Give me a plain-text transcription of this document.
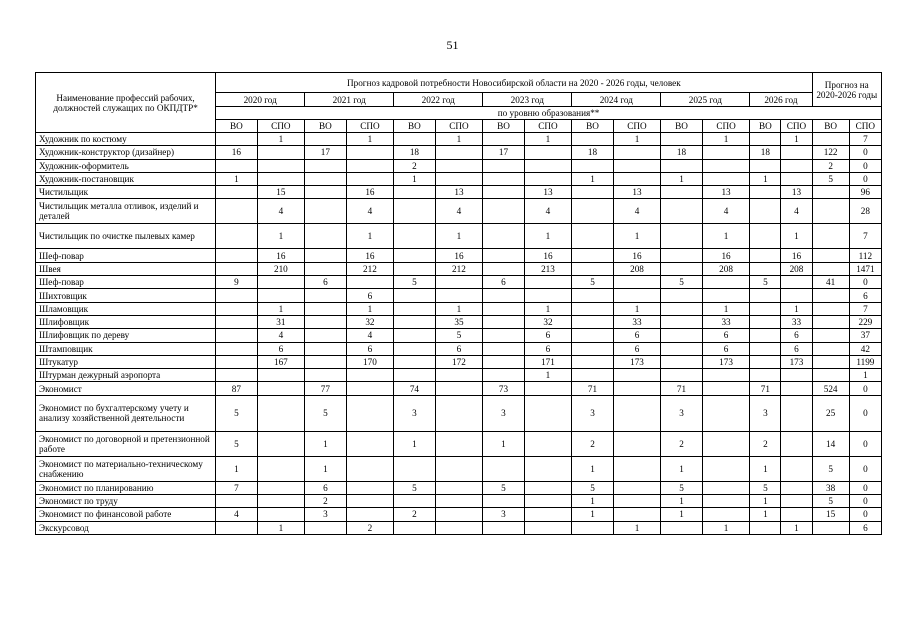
51
Наименование профессий рабочих, должностей служащих по ОКПДТР*	Прогноз кадровой потребности Новосибирской области на 2020 - 2026 годы, человек														Прогноз на 2020-2026 годы	
	2020 год		2021 год		2022 год		2023 год		2024 год		2025 год		2026 год			
	по уровню образования**															
	ВО	СПО	ВО	СПО	ВО	СПО	ВО	СПО	ВО	СПО	ВО	СПО	ВО	СПО	ВО	СПО
Художник по костюму		1		1		1		1		1		1		1		7
Художник-конструктор (дизайнер)	16		17		18		17		18		18		18		122	0
Художник-оформитель					2										2	0
Художник-постановщик	1				1				1		1		1		5	0
Чистильщик		15		16		13		13		13		13		13		96
Чистильщик металла отливок, изделий и деталей		4		4		4		4		4		4		4		28
Чистильщик по очистке пылевых камер		1		1		1		1		1		1		1		7
Шеф-повар		16		16		16		16		16		16		16		112
Швея		210		212		212		213		208		208		208		1471
Шеф-повар	9		6		5		6		5		5		5		41	0
Шихтовщик				6												6
Шламовщик		1		1		1		1		1		1		1		7
Шлифовщик		31		32		35		32		33		33		33		229
Шлифовщик по дереву		4		4		5		6		6		6		6		37
Штамповщик		6		6		6		6		6		6		6		42
Штукатур		167		170		172		171		173		173		173		1199
Штурман дежурный аэропорта								1								1
Экономист	87		77		74		73		71		71		71		524	0
Экономист по бухгалтерскому учету и анализу хозяйственной деятельности	5		5		3		3		3		3		3		25	0
Экономист по договорной и претензионной работе	5		1		1		1		2		2		2		14	0
Экономист по материально-техническому снабжению	1		1						1		1		1		5	0
Экономист по планированию	7		6		5		5		5		5		5		38	0
Экономист по труду			2						1		1		1		5	0
Экономист по финансовой работе	4		3		2		3		1		1		1		15	0
Экскурсовод		1		2						1		1		1		6
